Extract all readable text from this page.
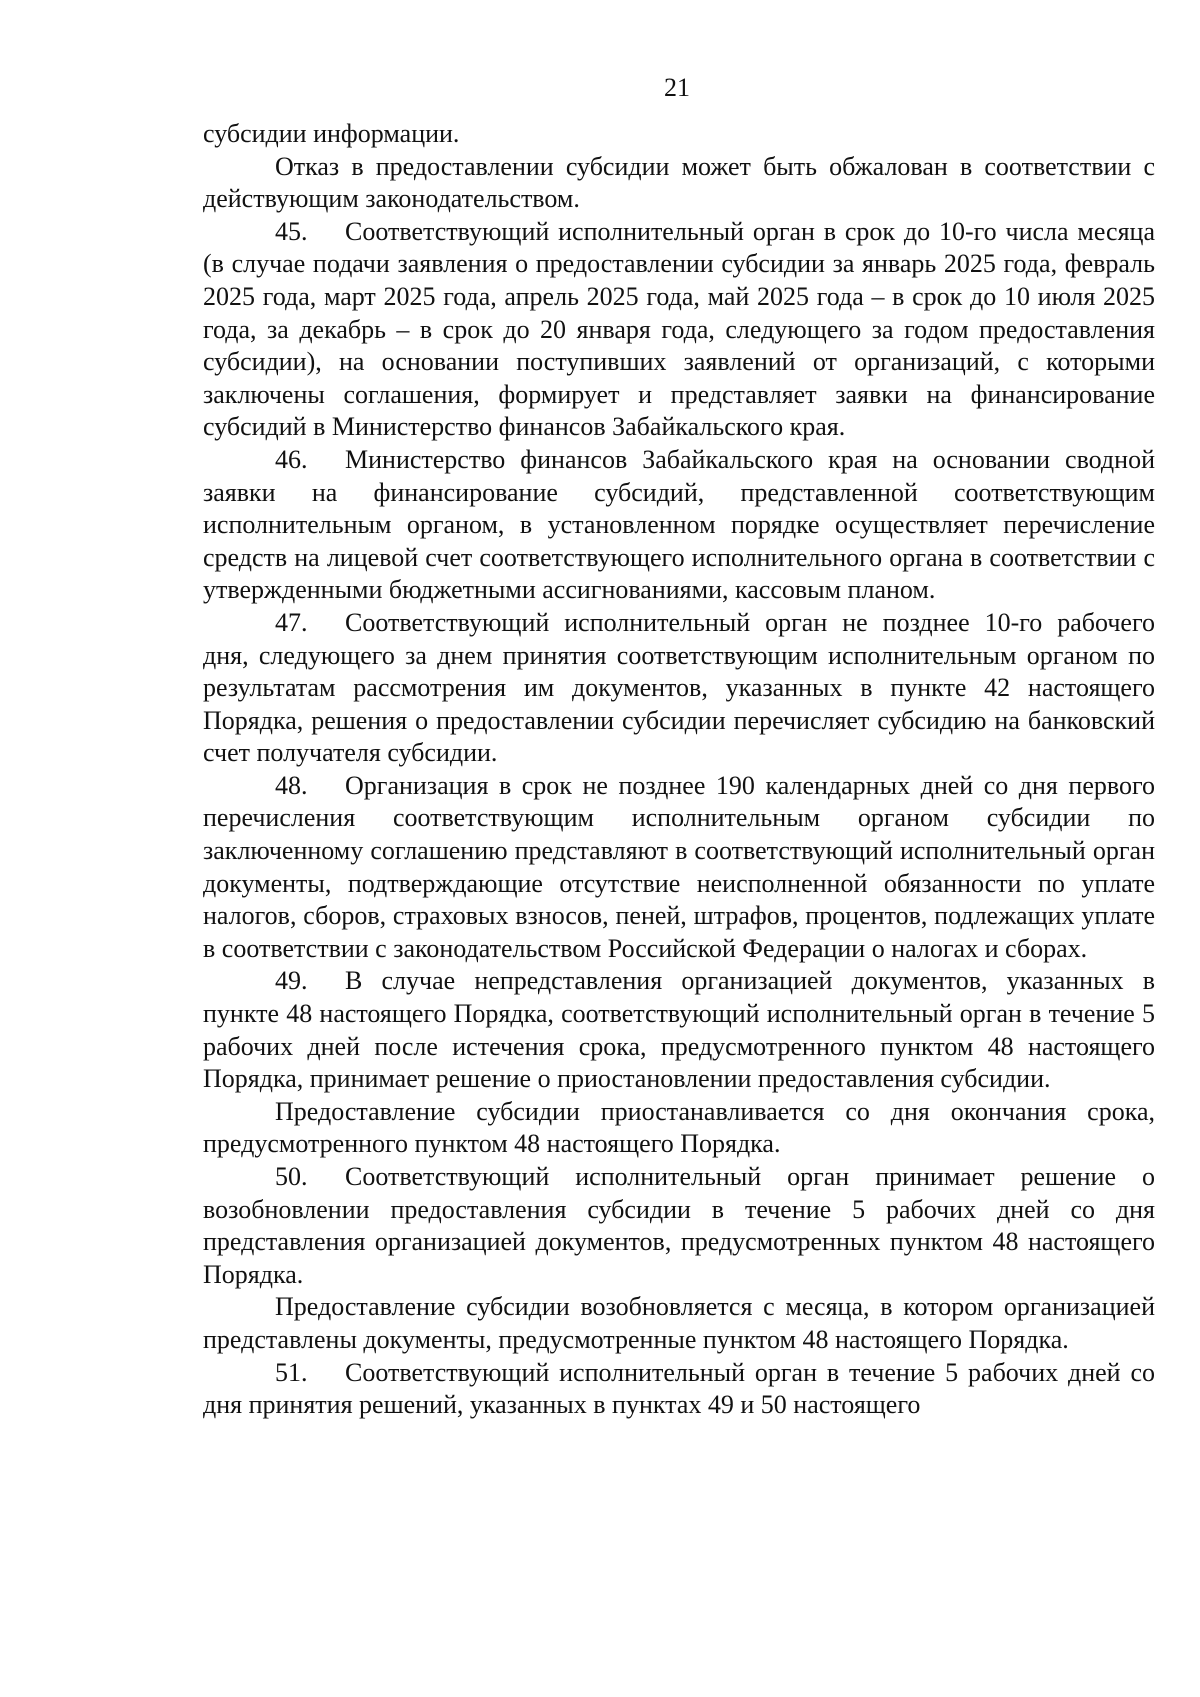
21

субсидии информации.

Отказ в предоставлении субсидии может быть обжалован в соответствии с действующим законодательством.

45. Соответствующий исполнительный орган в срок до 10-го числа месяца (в случае подачи заявления о предоставлении субсидии за январь 2025 года, февраль 2025 года, март 2025 года, апрель 2025 года, май 2025 года – в срок до 10 июля 2025 года, за декабрь – в срок до 20 января года, следующего за годом предоставления субсидии), на основании поступивших заявлений от организаций, с которыми заключены соглашения, формирует и представляет заявки на финансирование субсидий в Министерство финансов Забайкальского края.

46. Министерство финансов Забайкальского края на основании сводной заявки на финансирование субсидий, представленной соответствующим исполнительным органом, в установленном порядке осуществляет перечисление средств на лицевой счет соответствующего исполнительного органа в соответствии с утвержденными бюджетными ассигнованиями, кассовым планом.

47. Соответствующий исполнительный орган не позднее 10-го рабочего дня, следующего за днем принятия соответствующим исполнительным органом по результатам рассмотрения им документов, указанных в пункте 42 настоящего Порядка, решения о предоставлении субсидии перечисляет субсидию на банковский счет получателя субсидии.

48. Организация в срок не позднее 190 календарных дней со дня первого перечисления соответствующим исполнительным органом субсидии по заключенному соглашению представляют в соответствующий исполнительный орган документы, подтверждающие отсутствие неисполненной обязанности по уплате налогов, сборов, страховых взносов, пеней, штрафов, процентов, подлежащих уплате в соответствии с законодательством Российской Федерации о налогах и сборах.

49. В случае непредставления организацией документов, указанных в пункте 48 настоящего Порядка, соответствующий исполнительный орган в течение 5 рабочих дней после истечения срока, предусмотренного пунктом 48 настоящего Порядка, принимает решение о приостановлении предоставления субсидии.

Предоставление субсидии приостанавливается со дня окончания срока, предусмотренного пунктом 48 настоящего Порядка.

50. Соответствующий исполнительный орган принимает решение о возобновлении предоставления субсидии в течение 5 рабочих дней со дня представления организацией документов, предусмотренных пунктом 48 настоящего Порядка.

Предоставление субсидии возобновляется с месяца, в котором организацией представлены документы, предусмотренные пунктом 48 настоящего Порядка.

51. Соответствующий исполнительный орган в течение 5 рабочих дней со дня принятия решений, указанных в пунктах 49 и 50 настоящего
